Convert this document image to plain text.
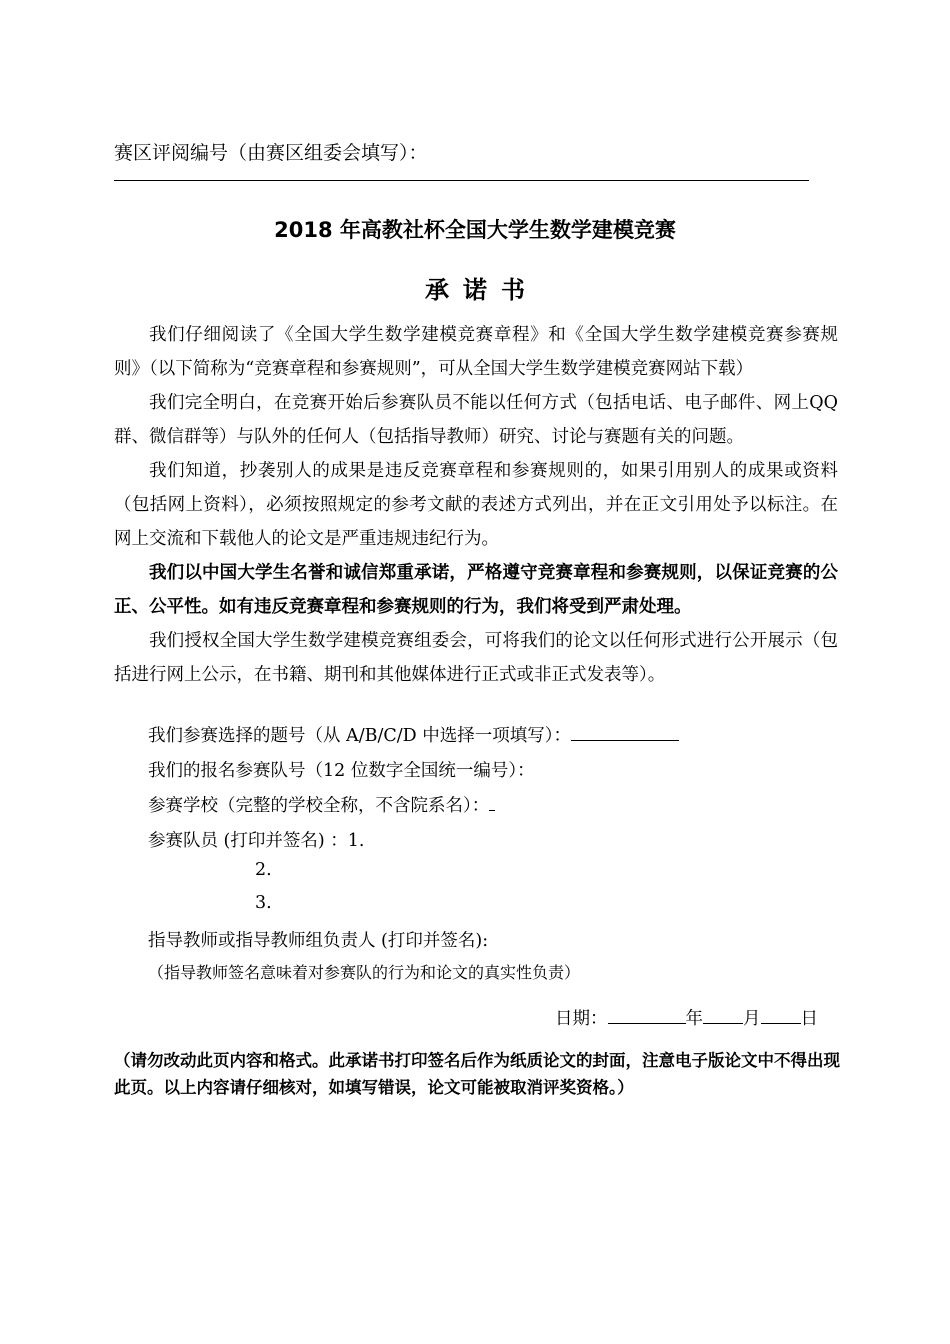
赛区评阅编号（由赛区组委会填写）：
2018 年高教社杯全国大学生数学建模竞赛
承诺书

我们仔细阅读了《全国大学生数学建模竞赛章程》和《全国大学生数学建模竞赛参赛规则》（以下简称为“竞赛章程和参赛规则”，可从全国大学生数学建模竞赛网站下载）

我们完全明白，在竞赛开始后参赛队员不能以任何方式（包括电话、电子邮件、网上QQ 群、微信群等）与队外的任何人（包括指导教师）研究、讨论与赛题有关的问题。

我们知道，抄袭别人的成果是违反竞赛章程和参赛规则的，如果引用别人的成果或资料（包括网上资料），必须按照规定的参考文献的表述方式列出，并在正文引用处予以标注。在网上交流和下载他人的论文是严重违规违纪行为。

我们以中国大学生名誉和诚信郑重承诺，严格遵守竞赛章程和参赛规则，以保证竞赛的公正、公平性。如有违反竞赛章程和参赛规则的行为，我们将受到严肃处理。

我们授权全国大学生数学建模竞赛组委会，可将我们的论文以任何形式进行公开展示（包括进行网上公示，在书籍、期刊和其他媒体进行正式或非正式发表等）。

我们参赛选择的题号（从 A/B/C/D 中选择一项填写）：
我们的报名参赛队号（12 位数字全国统一编号）：
参赛学校（完整的学校全称，不含院系名）：
参赛队员 (打印并签名) ：1.
2.
3.
指导教师或指导教师组负责人 (打印并签名):
（指导教师签名意味着对参赛队的行为和论文的真实性负责）
日期：	年 月 日
（请勿改动此页内容和格式。此承诺书打印签名后作为纸质论文的封面，注意电子版论文中不得出现此页。以上内容请仔细核对，如填写错误，论文可能被取消评奖资格。）
